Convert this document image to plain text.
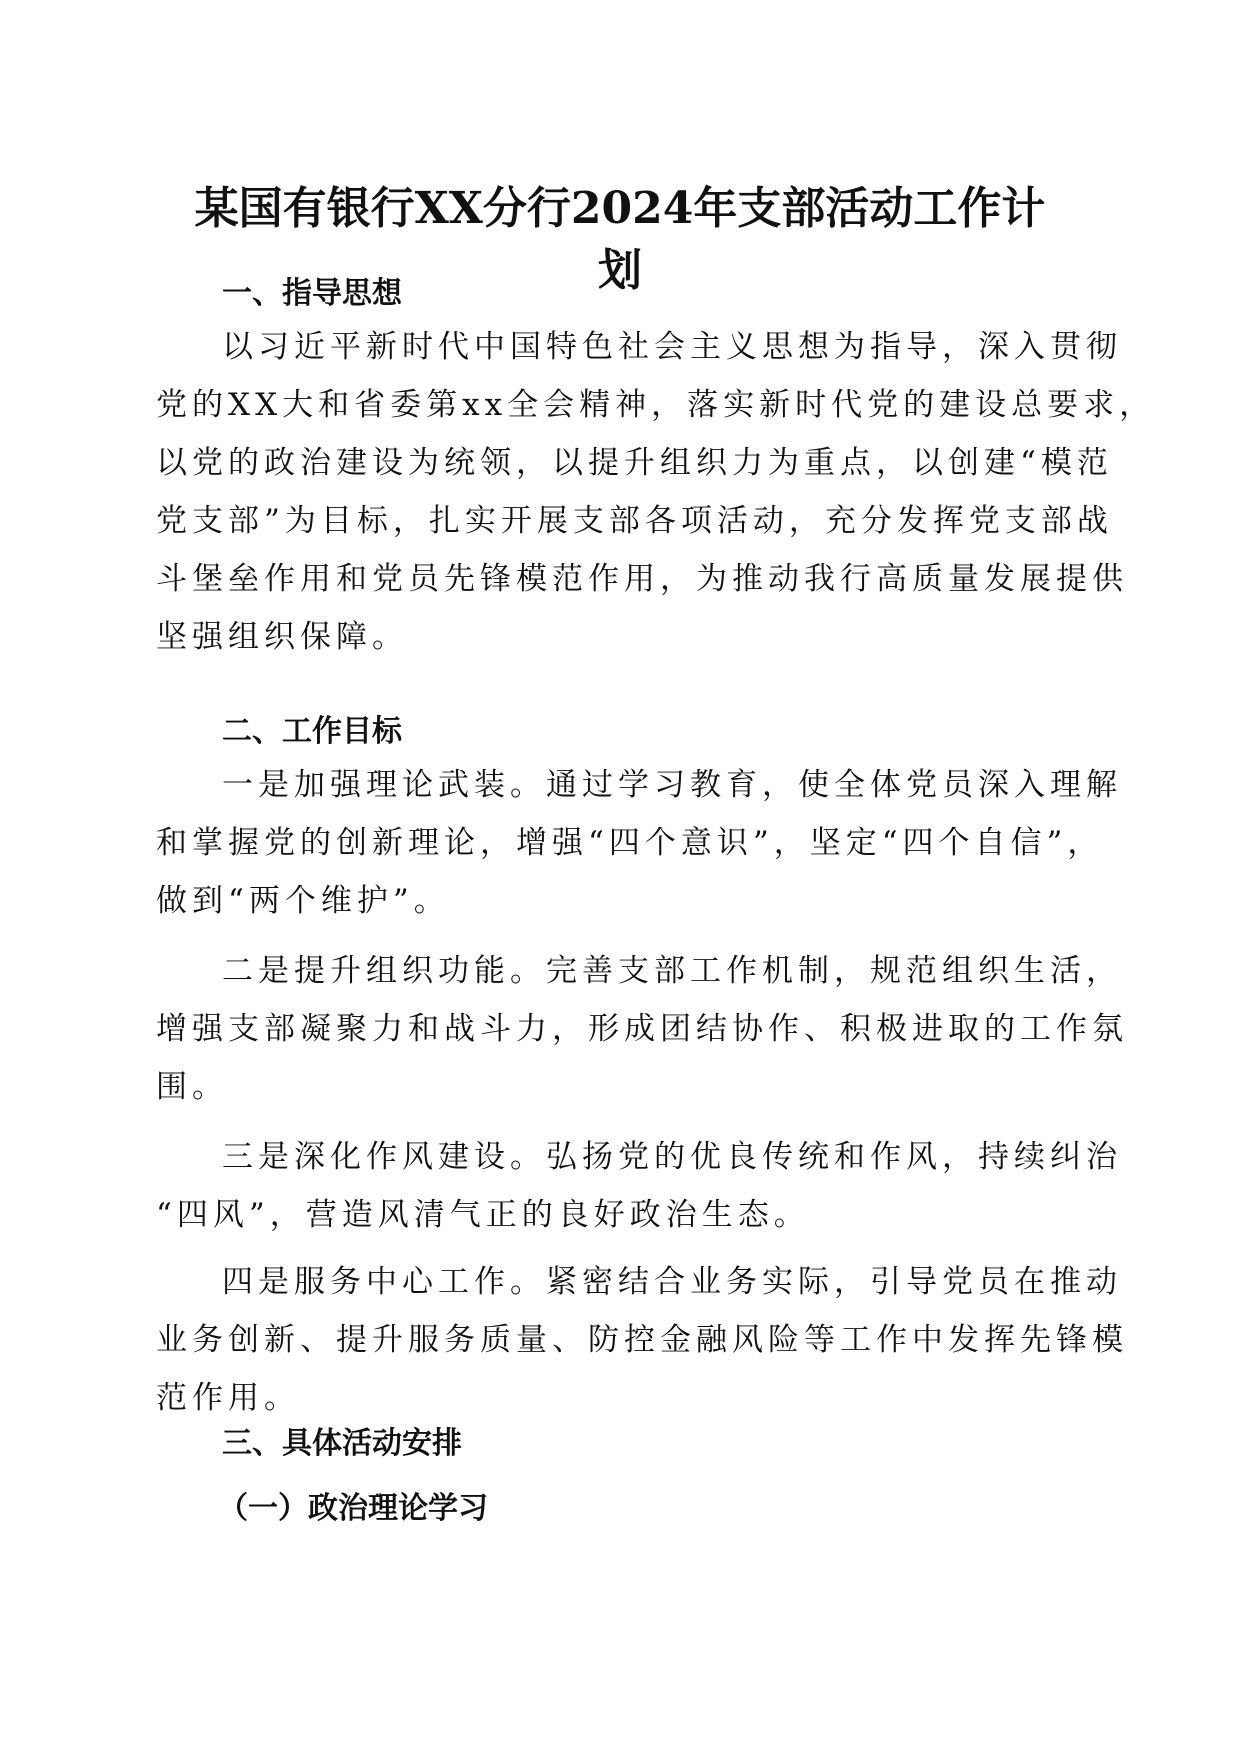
某国有银行XX分行2024年支部活动工作计
划
一、指导思想
以习近平新时代中国特色社会主义思想为指导，深入贯彻
党的XX大和省委第xx全会精神，落实新时代党的建设总要求，
以党的政治建设为统领，以提升组织力为重点，以创建“模范
党支部”为目标，扎实开展支部各项活动，充分发挥党支部战
斗堡垒作用和党员先锋模范作用，为推动我行高质量发展提供
坚强组织保障。
二、工作目标
一是加强理论武装。通过学习教育，使全体党员深入理解
和掌握党的创新理论，增强“四个意识”，坚定“四个自信”，
做到“两个维护”。
二是提升组织功能。完善支部工作机制，规范组织生活，
增强支部凝聚力和战斗力，形成团结协作、积极进取的工作氛
围。
三是深化作风建设。弘扬党的优良传统和作风，持续纠治
“四风”，营造风清气正的良好政治生态。
四是服务中心工作。紧密结合业务实际，引导党员在推动
业务创新、提升服务质量、防控金融风险等工作中发挥先锋模
范作用。
三、具体活动安排
（一）政治理论学习
